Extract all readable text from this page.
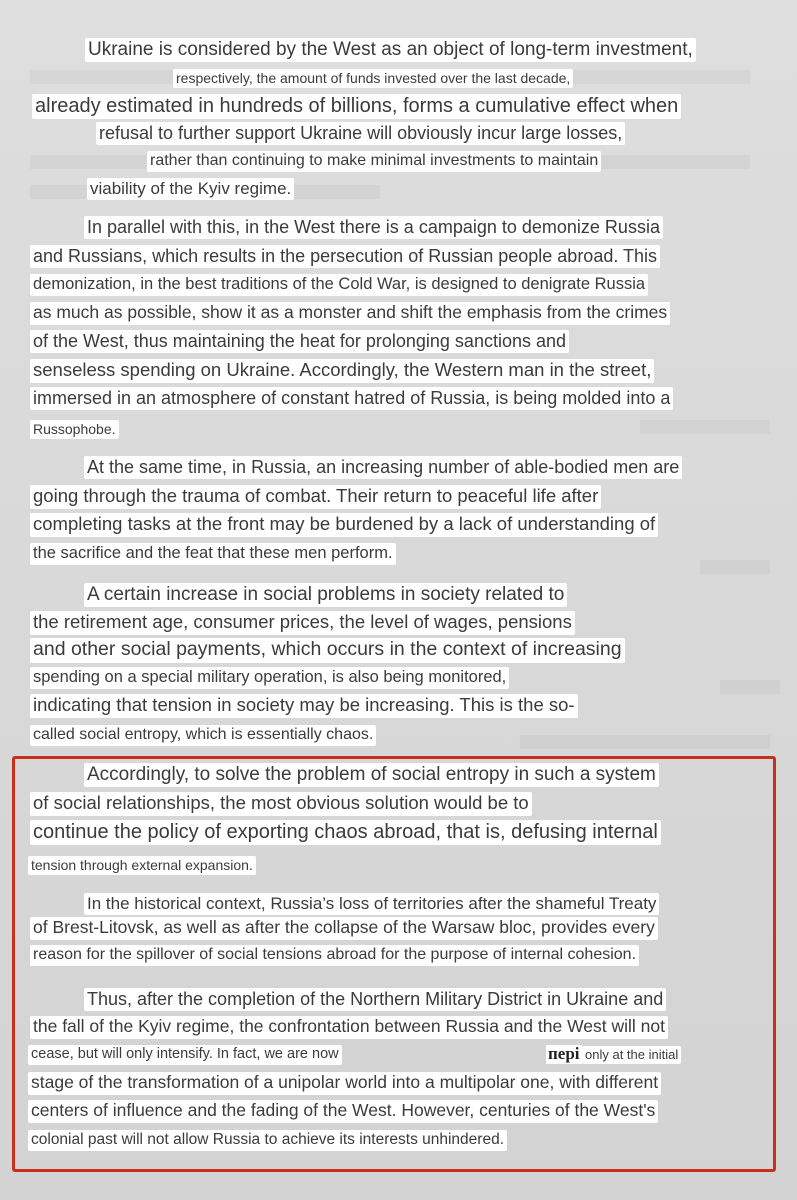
Ukraine is considered by the West as an object of long-term investment,
respectively, the amount of funds invested over the last decade,
already estimated in hundreds of billions, forms a cumulative effect when
refusal to further support Ukraine will obviously incur large losses,
rather than continuing to make minimal investments to maintain
viability of the Kyiv regime.
In parallel with this, in the West there is a campaign to demonize Russia
and Russians, which results in the persecution of Russian people abroad. This
demonization, in the best traditions of the Cold War, is designed to denigrate Russia
as much as possible, show it as a monster and shift the emphasis from the crimes
of the West, thus maintaining the heat for prolonging sanctions and
senseless spending on Ukraine. Accordingly, the Western man in the street,
immersed in an atmosphere of constant hatred of Russia, is being molded into a
Russophobe.
At the same time, in Russia, an increasing number of able-bodied men are
going through the trauma of combat. Their return to peaceful life after
completing tasks at the front may be burdened by a lack of understanding of
the sacrifice and the feat that these men perform.
A certain increase in social problems in society related to
the retirement age, consumer prices, the level of wages, pensions
and other social payments, which occurs in the context of increasing
spending on a special military operation, is also being monitored,
indicating that tension in society may be increasing. This is the so-
called social entropy, which is essentially chaos.
Accordingly, to solve the problem of social entropy in such a system
of social relationships, the most obvious solution would be to
continue the policy of exporting chaos abroad, that is, defusing internal
tension through external expansion.
In the historical context, Russia’s loss of territories after the shameful Treaty
of Brest-Litovsk, as well as after the collapse of the Warsaw bloc, provides every
reason for the spillover of social tensions abroad for the purpose of internal cohesion.
Thus, after the completion of the Northern Military District in Ukraine and
the fall of the Kyiv regime, the confrontation between Russia and the West will not
cease, but will only intensify. In fact, we are now	пері only at the initial
stage of the transformation of a unipolar world into a multipolar one, with different
centers of influence and the fading of the West. However, centuries of the West's
colonial past will not allow Russia to achieve its interests unhindered.
